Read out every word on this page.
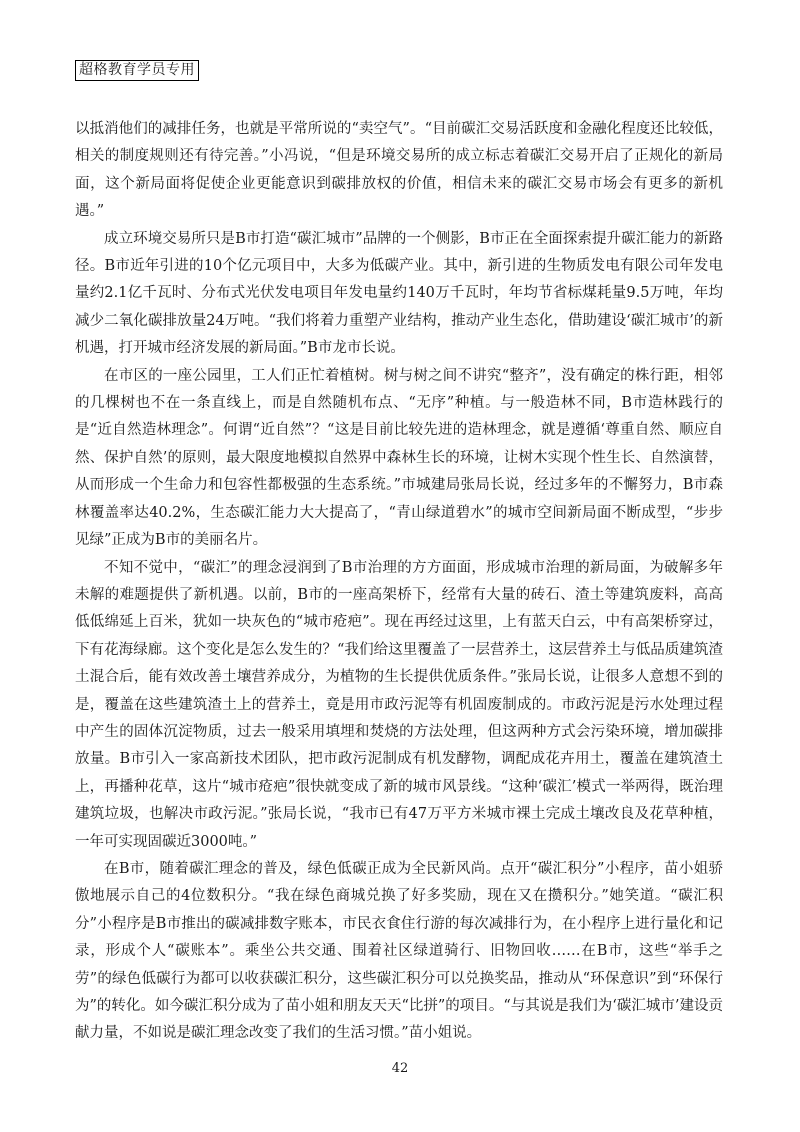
超格教育学员专用

以抵消他们的减排任务，也就是平常所说的“卖空气”。“目前碳汇交易活跃度和金融化程度还比较低，相关的制度规则还有待完善。”小冯说，“但是环境交易所的成立标志着碳汇交易开启了正规化的新局面，这个新局面将促使企业更能意识到碳排放权的价值，相信未来的碳汇交易市场会有更多的新机遇。”

成立环境交易所只是B市打造“碳汇城市”品牌的一个侧影，B市正在全面探索提升碳汇能力的新路径。B市近年引进的10个亿元项目中，大多为低碳产业。其中，新引进的生物质发电有限公司年发电量约2.1亿千瓦时、分布式光伏发电项目年发电量约140万千瓦时，年均节省标煤耗量9.5万吨，年均减少二氧化碳排放量24万吨。“我们将着力重塑产业结构，推动产业生态化，借助建设‘碳汇城市’的新机遇，打开城市经济发展的新局面。”B市龙市长说。

在市区的一座公园里，工人们正忙着植树。树与树之间不讲究“整齐”，没有确定的株行距，相邻的几棵树也不在一条直线上，而是自然随机布点、“无序”种植。与一般造林不同，B市造林践行的是“近自然造林理念”。何谓“近自然”？“这是目前比较先进的造林理念，就是遵循‘尊重自然、顺应自然、保护自然’的原则，最大限度地模拟自然界中森林生长的环境，让树木实现个性生长、自然演替，从而形成一个生命力和包容性都极强的生态系统。”市城建局张局长说，经过多年的不懈努力，B市森林覆盖率达40.2%，生态碳汇能力大大提高了，“青山绿道碧水”的城市空间新局面不断成型，“步步见绿”正成为B市的美丽名片。

不知不觉中，“碳汇”的理念浸润到了B市治理的方方面面，形成城市治理的新局面，为破解多年未解的难题提供了新机遇。以前，B市的一座高架桥下，经常有大量的砖石、渣土等建筑废料，高高低低绵延上百米，犹如一块灰色的“城市疮疤”。现在再经过这里，上有蓝天白云，中有高架桥穿过，下有花海绿廊。这个变化是怎么发生的？“我们给这里覆盖了一层营养土，这层营养土与低品质建筑渣土混合后，能有效改善土壤营养成分，为植物的生长提供优质条件。”张局长说，让很多人意想不到的是，覆盖在这些建筑渣土上的营养土，竟是用市政污泥等有机固废制成的。市政污泥是污水处理过程中产生的固体沉淀物质，过去一般采用填埋和焚烧的方法处理，但这两种方式会污染环境，增加碳排放量。B市引入一家高新技术团队，把市政污泥制成有机发酵物，调配成花卉用土，覆盖在建筑渣土上，再播种花草，这片“城市疮疤”很快就变成了新的城市风景线。“这种‘碳汇’模式一举两得，既治理建筑垃圾，也解决市政污泥。”张局长说，“我市已有47万平方米城市裸土完成土壤改良及花草种植，一年可实现固碳近3000吨。”

在B市，随着碳汇理念的普及，绿色低碳正成为全民新风尚。点开“碳汇积分”小程序，苗小姐骄傲地展示自己的4位数积分。“我在绿色商城兑换了好多奖励，现在又在攒积分。”她笑道。“碳汇积分”小程序是B市推出的碳减排数字账本，市民衣食住行游的每次减排行为，在小程序上进行量化和记录，形成个人“碳账本”。乘坐公共交通、围着社区绿道骑行、旧物回收……在B市，这些“举手之劳”的绿色低碳行为都可以收获碳汇积分，这些碳汇积分可以兑换奖品，推动从“环保意识”到“环保行为”的转化。如今碳汇积分成为了苗小姐和朋友天天“比拼”的项目。“与其说是我们为‘碳汇城市’建设贡献力量，不如说是碳汇理念改变了我们的生活习惯。”苗小姐说。

42
